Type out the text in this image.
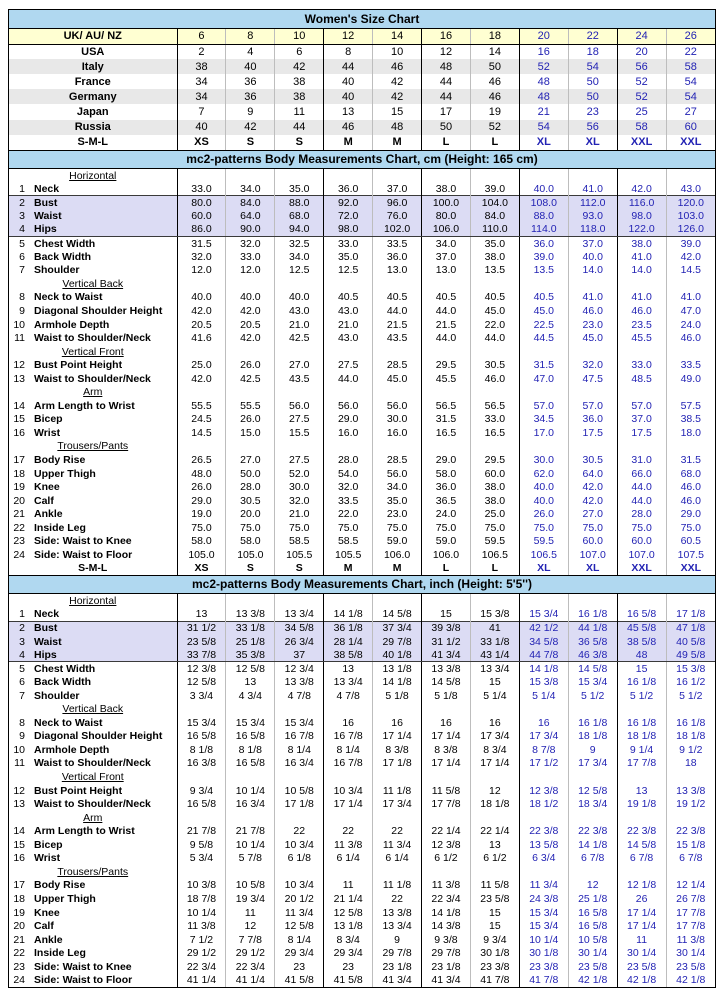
Women's Size Chart
UK/ AU/ NZ	6	8	10	12	14	16	18	20	22	24	26
USA	2	4	6	8	10	12	14	16	18	20	22
Italy	38	40	42	44	46	48	50	52	54	56	58
France	34	36	38	40	42	44	46	48	50	52	54
Germany	34	36	38	40	42	44	46	48	50	52	54
Japan	7	9	11	13	15	17	19	21	23	25	27
Russia	40	42	44	46	48	50	52	54	56	58	60
S-M-L	XS	S	S	M	M	L	L	XL	XL	XXL	XXL
mc2-patterns Body Measurements Chart, cm (Height: 165 cm)
Horizontal											

1 Neck	33.0	34.0	35.0	36.0	37.0	38.0	39.0	40.0	41.0	42.0	43.0
2 Bust	80.0	84.0	88.0	92.0	96.0	100.0	104.0	108.0	112.0	116.0	120.0
3 Waist	60.0	64.0	68.0	72.0	76.0	80.0	84.0	88.0	93.0	98.0	103.0
4 Hips	86.0	90.0	94.0	98.0	102.0	106.0	110.0	114.0	118.0	122.0	126.0
5 Chest Width	31.5	32.0	32.5	33.0	33.5	34.0	35.0	36.0	37.0	38.0	39.0
6 Back Width	32.0	33.0	34.0	35.0	36.0	37.0	38.0	39.0	40.0	41.0	42.0
7 Shoulder	12.0	12.0	12.5	12.5	13.0	13.0	13.5	13.5	14.0	14.0	14.5

Vertical Back											

8 Neck to Waist	40.0	40.0	40.0	40.5	40.5	40.5	40.5	40.5	41.0	41.0	41.0
9 Diagonal Shoulder Height	42.0	42.0	43.0	43.0	44.0	44.0	45.0	45.0	46.0	46.0	47.0
10 Armhole Depth	20.5	20.5	21.0	21.0	21.5	21.5	22.0	22.5	23.0	23.5	24.0
11 Waist to Shoulder/Neck	41.6	42.0	42.5	43.0	43.5	44.0	44.0	44.5	45.0	45.5	46.0

Vertical Front											

12 Bust Point Height	25.0	26.0	27.0	27.5	28.5	29.5	30.5	31.5	32.0	33.0	33.5
13 Waist to Shoulder/Neck	42.0	42.5	43.5	44.0	45.0	45.5	46.0	47.0	47.5	48.5	49.0

Arm											

14 Arm Length to Wrist	55.5	55.5	56.0	56.0	56.0	56.5	56.5	57.0	57.0	57.0	57.5
15 Bicep	24.5	26.0	27.5	29.0	30.0	31.5	33.0	34.5	36.0	37.0	38.5
16 Wrist	14.5	15.0	15.5	16.0	16.0	16.5	16.5	17.0	17.5	17.5	18.0

Trousers/Pants											

17 Body Rise	26.5	27.0	27.5	28.0	28.5	29.0	29.5	30.0	30.5	31.0	31.5
18 Upper Thigh	48.0	50.0	52.0	54.0	56.0	58.0	60.0	62.0	64.0	66.0	68.0
19 Knee	26.0	28.0	30.0	32.0	34.0	36.0	38.0	40.0	42.0	44.0	46.0
20 Calf	29.0	30.5	32.0	33.5	35.0	36.5	38.0	40.0	42.0	44.0	46.0
21 Ankle	19.0	20.0	21.0	22.0	23.0	24.0	25.0	26.0	27.0	28.0	29.0
22 Inside Leg	75.0	75.0	75.0	75.0	75.0	75.0	75.0	75.0	75.0	75.0	75.0
23 Side: Waist to Knee	58.0	58.0	58.5	58.5	59.0	59.0	59.5	59.5	60.0	60.0	60.5
24 Side: Waist to Floor	105.0	105.0	105.5	105.5	106.0	106.0	106.5	106.5	107.0	107.0	107.5
S-M-L	XS	S	S	M	M	L	L	XL	XL	XXL	XXL
mc2-patterns Body Measurements Chart, inch (Height: 5'5'')
Horizontal											

1 Neck	13	13 3/8	13 3/4	14 1/8	14 5/8	15	15 3/8	15 3/4	16 1/8	16 5/8	17 1/8
2 Bust	31 1/2	33 1/8	34 5/8	36 1/8	37 3/4	39 3/8	41	42 1/2	44 1/8	45 5/8	47 1/8
3 Waist	23 5/8	25 1/8	26 3/4	28 1/4	29 7/8	31 1/2	33 1/8	34 5/8	36 5/8	38 5/8	40 5/8
4 Hips	33 7/8	35 3/8	37	38 5/8	40 1/8	41 3/4	43 1/4	44 7/8	46 3/8	48	49 5/8
5 Chest Width	12 3/8	12 5/8	12 3/4	13	13 1/8	13 3/8	13 3/4	14 1/8	14 5/8	15	15 3/8
6 Back Width	12 5/8	13	13 3/8	13 3/4	14 1/8	14 5/8	15	15 3/8	15 3/4	16 1/8	16 1/2
7 Shoulder	3 3/4	4 3/4	4 7/8	4 7/8	5 1/8	5 1/8	5 1/4	5 1/4	5 1/2	5 1/2	5 1/2

Vertical Back											

8 Neck to Waist	15 3/4	15 3/4	15 3/4	16	16	16	16	16	16 1/8	16 1/8	16 1/8
9 Diagonal Shoulder Height	16 5/8	16 5/8	16 7/8	16 7/8	17 1/4	17 1/4	17 3/4	17 3/4	18 1/8	18 1/8	18 1/8
10 Armhole Depth	8 1/8	8 1/8	8 1/4	8 1/4	8 3/8	8 3/8	8 3/4	8 7/8	9	9 1/4	9 1/2
11 Waist to Shoulder/Neck	16 3/8	16 5/8	16 3/4	16 7/8	17 1/8	17 1/4	17 1/4	17 1/2	17 3/4	17 7/8	18

Vertical Front											

12 Bust Point Height	9 3/4	10 1/4	10 5/8	10 3/4	11 1/8	11 5/8	12	12 3/8	12 5/8	13	13 3/8
13 Waist to Shoulder/Neck	16 5/8	16 3/4	17 1/8	17 1/4	17 3/4	17 7/8	18 1/8	18 1/2	18 3/4	19 1/8	19 1/2

Arm											

14 Arm Length to Wrist	21 7/8	21 7/8	22	22	22	22 1/4	22 1/4	22 3/8	22 3/8	22 3/8	22 3/8
15 Bicep	9 5/8	10 1/4	10 3/4	11 3/8	11 3/4	12 3/8	13	13 5/8	14 1/8	14 5/8	15 1/8
16 Wrist	5 3/4	5 7/8	6 1/8	6 1/4	6 1/4	6 1/2	6 1/2	6 3/4	6 7/8	6 7/8	6 7/8

Trousers/Pants											

17 Body Rise	10 3/8	10 5/8	10 3/4	11	11 1/8	11 3/8	11 5/8	11 3/4	12	12 1/8	12 1/4
18 Upper Thigh	18 7/8	19 3/4	20 1/2	21 1/4	22	22 3/4	23 5/8	24 3/8	25 1/8	26	26 7/8
19 Knee	10 1/4	11	11 3/4	12 5/8	13 3/8	14 1/8	15	15 3/4	16 5/8	17 1/4	17 7/8
20 Calf	11 3/8	12	12 5/8	13 1/8	13 3/4	14 3/8	15	15 3/4	16 5/8	17 1/4	17 7/8
21 Ankle	7 1/2	7 7/8	8 1/4	8 3/4	9	9 3/8	9 3/4	10 1/4	10 5/8	11	11 3/8
22 Inside Leg	29 1/2	29 1/2	29 3/4	29 3/4	29 7/8	29 7/8	30 1/8	30 1/8	30 1/4	30 1/4	30 1/4
23 Side: Waist to Knee	22 3/4	22 3/4	23	23	23 1/8	23 1/8	23 3/8	23 3/8	23 5/8	23 5/8	23 5/8
24 Side: Waist to Floor	41 1/4	41 1/4	41 5/8	41 5/8	41 3/4	41 3/4	41 7/8	41 7/8	42 1/8	42 1/8	42 1/8
